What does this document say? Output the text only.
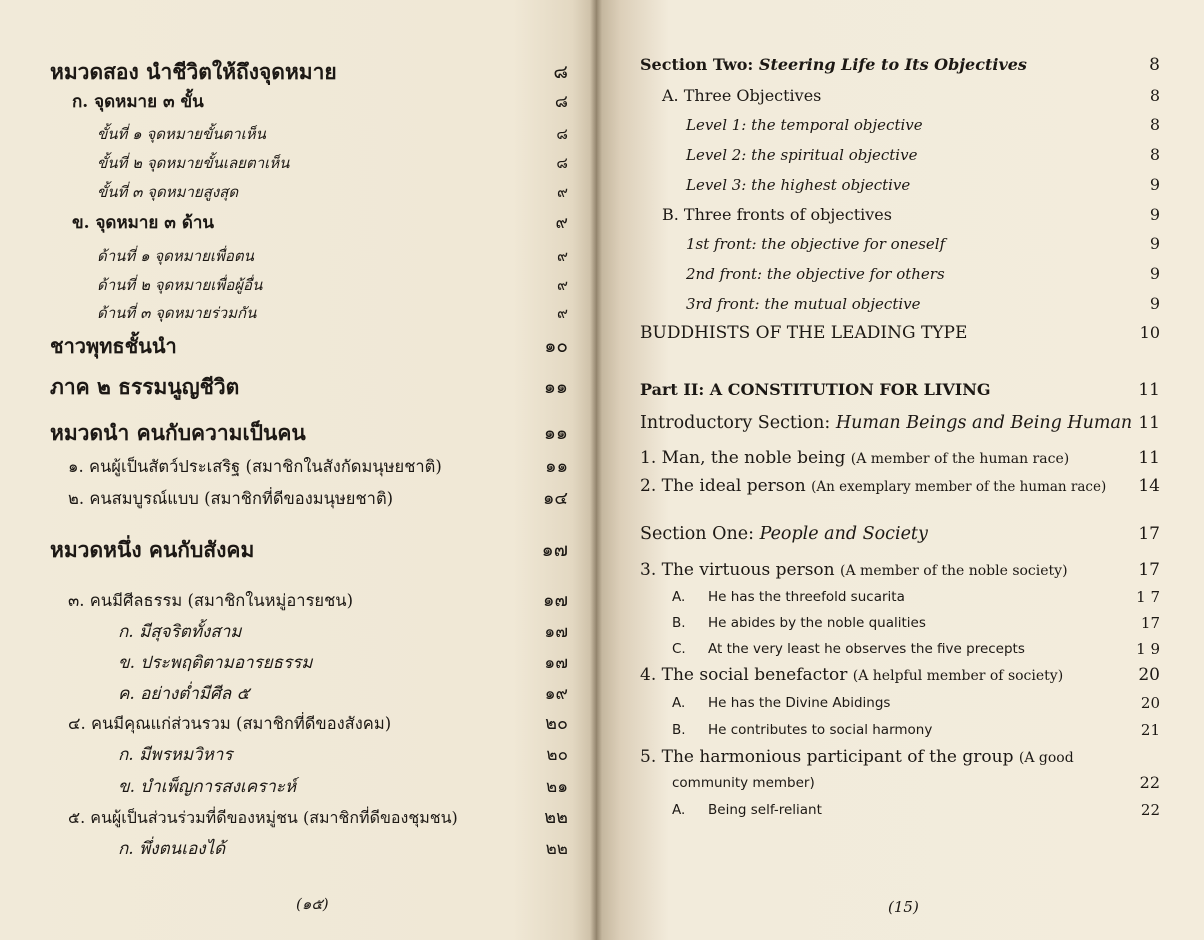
หมวดสอง นำชีวิตให้ถึงจุดหมาย	๘
ก. จุดหมาย ๓ ขั้น	๘
ขั้นที่ ๑ จุดหมายขั้นตาเห็น	๘
ขั้นที่ ๒ จุดหมายขั้นเลยตาเห็น	๘
ขั้นที่ ๓ จุดหมายสูงสุด	๙
ข. จุดหมาย ๓ ด้าน	๙
ด้านที่ ๑ จุดหมายเพื่อตน	๙
ด้านที่ ๒ จุดหมายเพื่อผู้อื่น	๙
ด้านที่ ๓ จุดหมายร่วมกัน	๙
ชาวพุทธชั้นนำ	๑๐
ภาค ๒ ธรรมนูญชีวิต	๑๑
หมวดนำ คนกับความเป็นคน	๑๑
๑. คนผู้เป็นสัตว์ประเสริฐ (สมาชิกในสังกัดมนุษยชาติ)	๑๑
๒. คนสมบูรณ์แบบ (สมาชิกที่ดีของมนุษยชาติ)	๑๔
หมวดหนึ่ง คนกับสังคม	๑๗
๓. คนมีศีลธรรม (สมาชิกในหมู่อารยชน)	๑๗
ก. มีสุจริตทั้งสาม	๑๗
ข. ประพฤติตามอารยธรรม	๑๗
ค. อย่างต่ำมีศีล ๕	๑๙
๔. คนมีคุณแก่ส่วนรวม (สมาชิกที่ดีของสังคม)	๒๐
ก. มีพรหมวิหาร	๒๐
ข. บำเพ็ญการสงเคราะห์	๒๑
๕. คนผู้เป็นส่วนร่วมที่ดีของหมู่ชน (สมาชิกที่ดีของชุมชน)	๒๒
ก. พึ่งตนเองได้	๒๒
(๑๕)
Section Two: Steering Life to Its Objectives	8
A. Three Objectives	8
Level 1: the temporal objective	8
Level 2: the spiritual objective	8
Level 3: the highest objective	9
B. Three fronts of objectives	9
1st front: the objective for oneself	9
2nd front: the objective for others	9
3rd front: the mutual objective	9
BUDDHISTS OF THE LEADING TYPE	10
Part II: A CONSTITUTION FOR LIVING	11
Introductory Section: Human Beings and Being Human 11
1. Man, the noble being (A member of the human race)	11
2. The ideal person (An exemplary member of the human race)	14
Section One: People and Society	17
3. The virtuous person (A member of the noble society)	17
A. He has the threefold sucarita	1 7
B. He abides by the noble qualities	17
C. At the very least he observes the five precepts	1 9
4. The social benefactor (A helpful member of society)	20
A. He has the Divine Abidings	20
B. He contributes to social harmony	21
5. The harmonious participant of the group (A good
community member)	22
A. Being self-reliant	22
(15)
